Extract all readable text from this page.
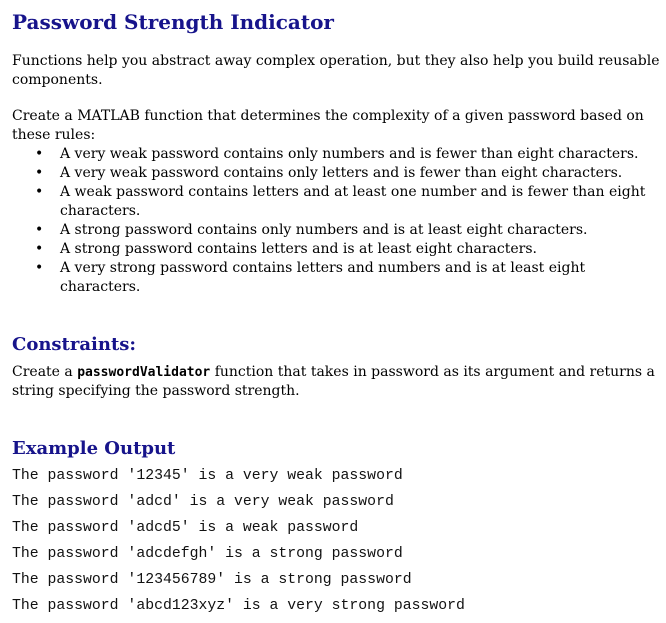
Password Strength Indicator

Functions help you abstract away complex operation, but they also help you build reusable components.

Create a MATLAB function that determines the complexity of a given password based on these rules:

• A very weak password contains only numbers and is fewer than eight characters.
• A very weak password contains only letters and is fewer than eight characters.
• A weak password contains letters and at least one number and is fewer than eight characters.
• A strong password contains only numbers and is at least eight characters.
• A strong password contains letters and is at least eight characters.
• A very strong password contains letters and numbers and is at least eight characters.
Constraints:

Create a passwordValidator function that takes in password as its argument and returns a string specifying the password strength.

Example Output
The password '12345' is a very weak password
The password 'adcd' is a very weak password
The password 'adcd5' is a weak password
The password 'adcdefgh' is a strong password
The password '123456789' is a strong password
The password 'abcd123xyz' is a very strong password
